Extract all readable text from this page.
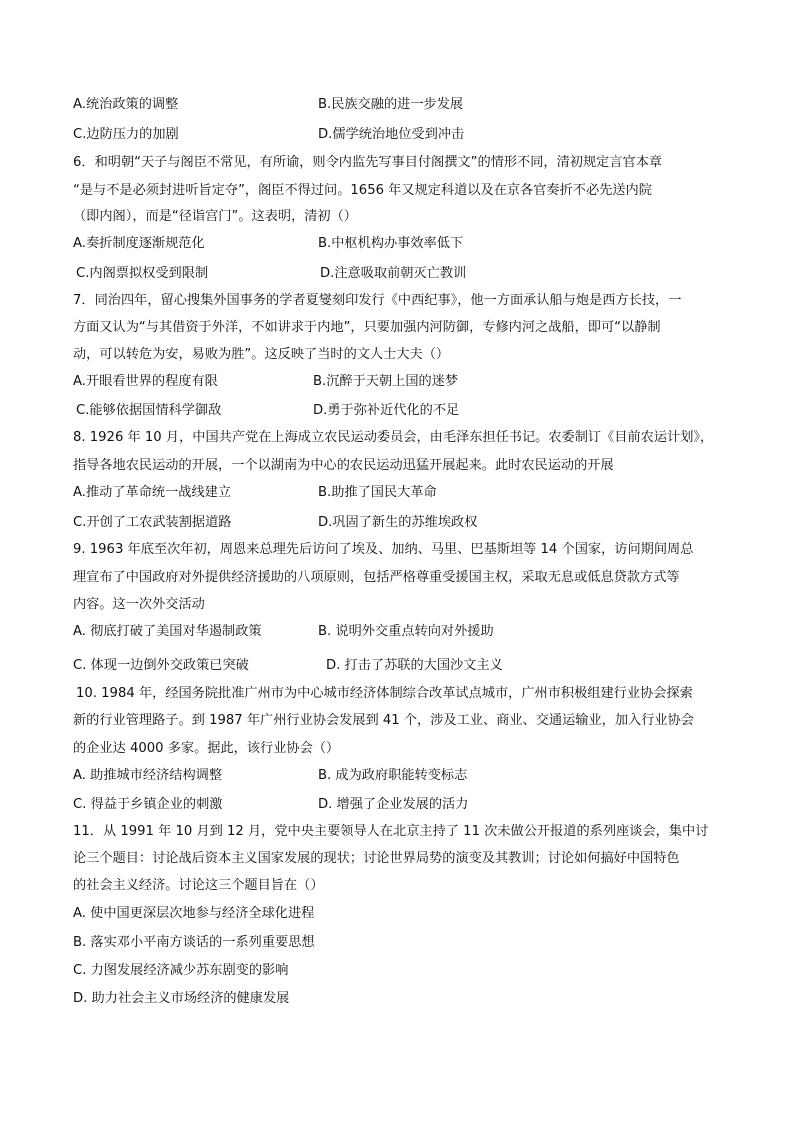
A.统治政策的调整	B.民族交融的进一步发展
C.边防压力的加剧	D.儒学统治地位受到冲击
6．和明朝“天子与阁臣不常见，有所谕，则令内监先写事目付阁撰文”的情形不同，清初规定言官本章
“是与不是必须封进听旨定夺”，阁臣不得过问。1656 年又规定科道以及在京各官奏折不必先送内院
（即内阁），而是“径诣宫门”。这表明，清初（）
A.奏折制度逐渐规范化	B.中枢机构办事效率低下
C.内阁票拟权受到限制	D.注意吸取前朝灭亡教训
7．同治四年，留心搜集外国事务的学者夏燮刻印发行《中西纪事》，他一方面承认船与炮是西方长技，一
方面又认为“与其借资于外洋，不如讲求于内地”，只要加强内河防御，专修内河之战船，即可“以静制
动，可以转危为安，易败为胜”。这反映了当时的文人士大夫（）
A.开眼看世界的程度有限	B.沉醉于天朝上国的迷梦
C.能够依据国情科学御敌	D.勇于弥补近代化的不足
8. 1926 年 10 月，中国共产党在上海成立农民运动委员会，由毛泽东担任书记。农委制订《目前农运计划》，
指导各地农民运动的开展，一个以湖南为中心的农民运动迅猛开展起来。此时农民运动的开展
A.推动了革命统一战线建立	B.助推了国民大革命
C.开创了工农武装割据道路	D.巩固了新生的苏维埃政权
9. 1963 年底至次年初，周恩来总理先后访问了埃及、加纳、马里、巴基斯坦等 14 个国家，访问期间周总
理宣布了中国政府对外提供经济援助的八项原则，包括严格尊重受援国主权，采取无息或低息贷款方式等
内容。这一次外交活动
A. 彻底打破了美国对华遏制政策	B. 说明外交重点转向对外援助
C. 体现一边倒外交政策已突破	D. 打击了苏联的大国沙文主义
10. 1984 年，经国务院批准广州市为中心城市经济体制综合改革试点城市，广州市积极组建行业协会探索
新的行业管理路子。到 1987 年广州行业协会发展到 41 个，涉及工业、商业、交通运输业，加入行业协会
的企业达 4000 多家。据此，该行业协会（）
A. 助推城市经济结构调整	B. 成为政府职能转变标志
C. 得益于乡镇企业的刺激	D. 增强了企业发展的活力
11．从 1991 年 10 月到 12 月，党中央主要领导人在北京主持了 11 次未做公开报道的系列座谈会，集中讨
论三个题目：讨论战后资本主义国家发展的现状；讨论世界局势的演变及其教训；讨论如何搞好中国特色
的社会主义经济。讨论这三个题目旨在（）
A. 使中国更深层次地参与经济全球化进程
B. 落实邓小平南方谈话的一系列重要思想
C. 力图发展经济减少苏东剧变的影响
D. 助力社会主义市场经济的健康发展
